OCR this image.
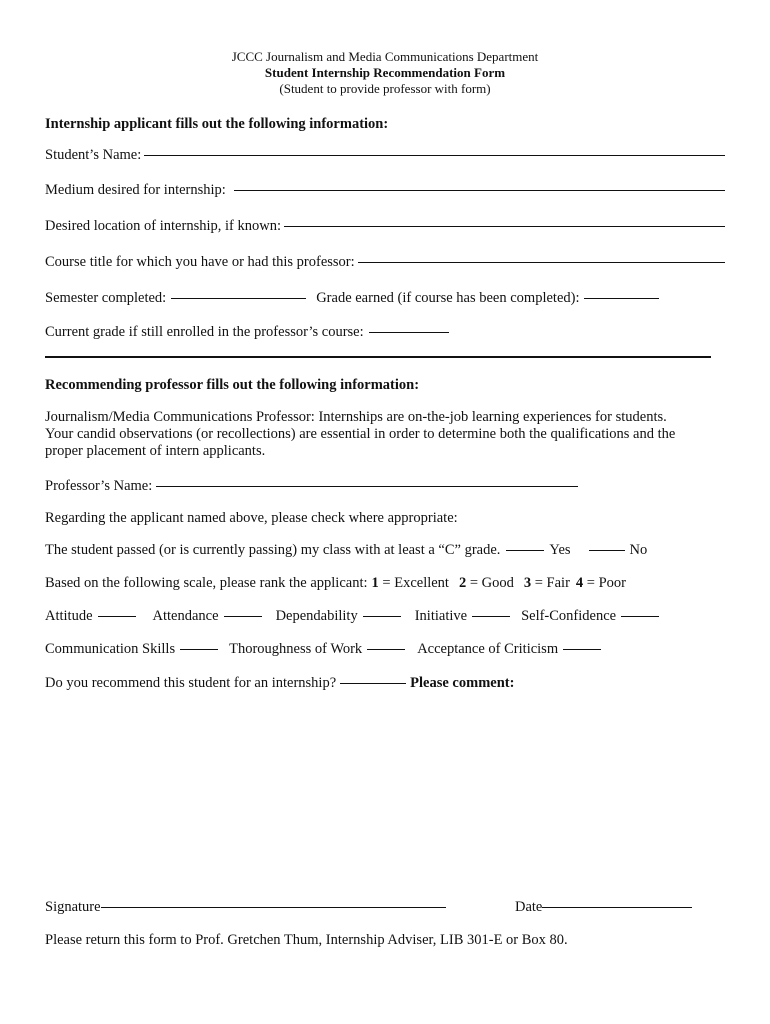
JCCC Journalism and Media Communications Department
Student Internship Recommendation Form
(Student to provide professor with form)
Internship applicant fills out the following information:
Student’s Name:
Medium desired for internship:
Desired location of internship, if known:
Course title for which you have or had this professor:
Semester completed:	Grade earned (if course has been completed):
Current grade if still enrolled in the professor’s course:
Recommending professor fills out the following information:
Journalism/Media Communications Professor: Internships are on-the-job learning experiences for students.
Your candid observations (or recollections) are essential in order to determine both the qualifications and the
proper placement of intern applicants.
Professor’s Name:
Regarding the applicant named above, please check where appropriate:
The student passed (or is currently passing) my class with at least a “C” grade.	Yes	No
Based on the following scale, please rank the applicant: 1 = Excellent 2 = Good 3 = Fair 4 = Poor
Attitude	Attendance	Dependability	Initiative	Self-Confidence
Communication Skills	Thoroughness of Work	Acceptance of Criticism
Do you recommend this student for an internship?	Please comment:
Signature	Date
Please return this form to Prof. Gretchen Thum, Internship Adviser, LIB 301-E or Box 80.
